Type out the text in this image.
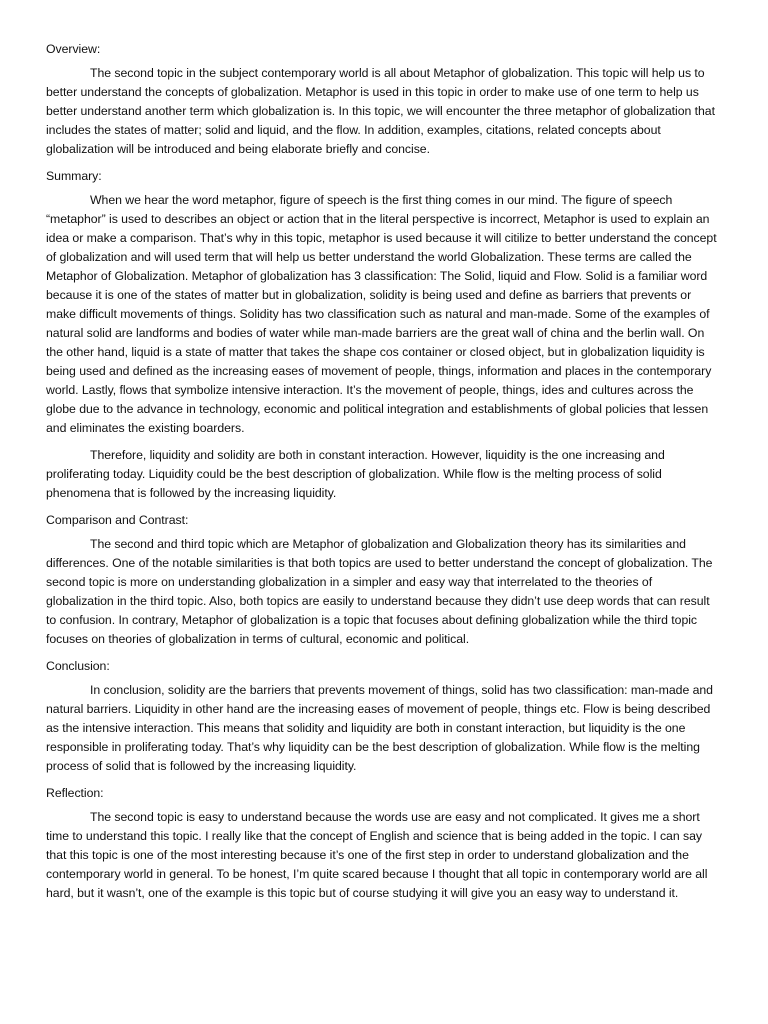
Overview:

The second topic in the subject contemporary world is all about Metaphor of globalization. This topic will help us to better understand the concepts of globalization. Metaphor is used in this topic in order to make use of one term to help us better understand another term which globalization is. In this topic, we will encounter the three metaphor of globalization that includes the states of matter; solid and liquid, and the flow. In addition, examples, citations, related concepts about globalization will be introduced and being elaborate briefly and concise.

Summary:

When we hear the word metaphor, figure of speech is the first thing comes in our mind. The figure of speech “metaphor” is used to describes an object or action that in the literal perspective is incorrect, Metaphor is used to explain an idea or make a comparison. That’s why in this topic, metaphor is used because it will citilize to better understand the concept of globalization and will used term that will help us better understand the world Globalization. These terms are called the Metaphor of Globalization. Metaphor of globalization has 3 classification: The Solid, liquid and Flow. Solid is a familiar word because it is one of the states of matter but in globalization, solidity is being used and define as barriers that prevents or make difficult movements of things. Solidity has two classification such as natural and man-made. Some of the examples of natural solid are landforms and bodies of water while man-made barriers are the great wall of china and the berlin wall. On the other hand, liquid is a state of matter that takes the shape cos container or closed object, but in globalization liquidity is being used and defined as the increasing eases of movement of people, things, information and places in the contemporary world. Lastly, flows that symbolize intensive interaction. It’s the movement of people, things, ides and cultures across the globe due to the advance in technology, economic and political integration and establishments of global policies that lessen and eliminates the existing boarders.

Therefore, liquidity and solidity are both in constant interaction. However, liquidity is the one increasing and proliferating today. Liquidity could be the best description of globalization. While flow is the melting process of solid phenomena that is followed by the increasing liquidity.

Comparison and Contrast:

The second and third topic which are Metaphor of globalization and Globalization theory has its similarities and differences. One of the notable similarities is that both topics are used to better understand the concept of globalization. The second topic is more on understanding globalization in a simpler and easy way that interrelated to the theories of globalization in the third topic. Also, both topics are easily to understand because they didn’t use deep words that can result to confusion. In contrary, Metaphor of globalization is a topic that focuses about defining globalization while the third topic focuses on theories of globalization in terms of cultural, economic and political.

Conclusion:

In conclusion, solidity are the barriers that prevents movement of things, solid has two classification: man-made and natural barriers. Liquidity in other hand are the increasing eases of movement of people, things etc. Flow is being described as the intensive interaction. This means that solidity and liquidity are both in constant interaction, but liquidity is the one responsible in proliferating today. That’s why liquidity can be the best description of globalization. While flow is the melting process of solid that is followed by the increasing liquidity.

Reflection:

The second topic is easy to understand because the words use are easy and not complicated. It gives me a short time to understand this topic. I really like that the concept of English and science that is being added in the topic. I can say that this topic is one of the most interesting because it’s one of the first step in order to understand globalization and the contemporary world in general. To be honest, I’m quite scared because I thought that all topic in contemporary world are all hard, but it wasn’t, one of the example is this topic but of course studying it will give you an easy way to understand it.
